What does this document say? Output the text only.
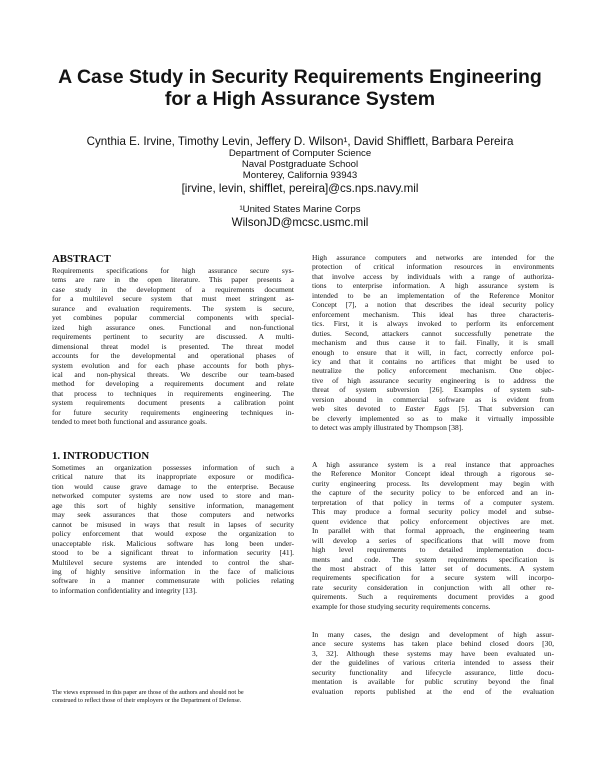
A Case Study in Security Requirements Engineering
for a High Assurance System
Cynthia E. Irvine, Timothy Levin, Jeffery D. Wilson¹, David Shifflett, Barbara Pereira
Department of Computer Science
Naval Postgraduate School
Monterey, California 93943
[irvine, levin, shifflet, pereira]@cs.nps.navy.mil
¹United States Marine Corps
WilsonJD@mcsc.usmc.mil
ABSTRACT
Requirements specifications for high assurance secure sys-
tems are rare in the open literature. This paper presents a
case study in the development of a requirements document
for a multilevel secure system that must meet stringent as-
surance and evaluation requirements. The system is secure,
yet combines popular commercial components with special-
ized high assurance ones. Functional and non-functional
requirements pertinent to security are discussed. A multi-
dimensional threat model is presented. The threat model
accounts for the developmental and operational phases of
system evolution and for each phase accounts for both phys-
ical and non-physical threats. We describe our team-based
method for developing a requirements document and relate
that process to techniques in requirements engineering. The
system requirements document presents a calibration point
for future security requirements engineering techniques in-
tended to meet both functional and assurance goals.
1. INTRODUCTION
Sometimes an organization possesses information of such a
critical nature that its inappropriate exposure or modifica-
tion would cause grave damage to the enterprise. Because
networked computer systems are now used to store and man-
age this sort of highly sensitive information, management
may seek assurances that those computers and networks
cannot be misused in ways that result in lapses of security
policy enforcement that would expose the organization to
unacceptable risk. Malicious software has long been under-
stood to be a significant threat to information security [41].
Multilevel secure systems are intended to control the shar-
ing of highly sensitive information in the face of malicious
software in a manner commensurate with policies relating
to information confidentiality and integrity [13].
The views expressed in this paper are those of the authors and should not be
construed to reflect those of their employers or the Department of Defense.
High assurance computers and networks are intended for the
protection of critical information resources in environments
that involve access by individuals with a range of authoriza-
tions to enterprise information. A high assurance system is
intended to be an implementation of the Reference Monitor
Concept [7], a notion that describes the ideal security policy
enforcement mechanism. This ideal has three characteris-
tics. First, it is always invoked to perform its enforcement
duties. Second, attackers cannot successfully penetrate the
mechanism and thus cause it to fail. Finally, it is small
enough to ensure that it will, in fact, correctly enforce pol-
icy and that it contains no artifices that might be used to
neutralize the policy enforcement mechanism. One objec-
tive of high assurance security engineering is to address the
threat of system subversion [26]. Examples of system sub-
version abound in commercial software as is evident from
web sites devoted to Easter Eggs [5]. That subversion can
be cleverly implemented so as to make it virtually impossible
to detect was amply illustrated by Thompson [38].
A high assurance system is a real instance that approaches
the Reference Monitor Concept ideal through a rigorous se-
curity engineering process. Its development may begin with
the capture of the security policy to be enforced and an in-
terpretation of that policy in terms of a computer system.
This may produce a formal security policy model and subse-
quent evidence that policy enforcement objectives are met.
In parallel with that formal approach, the engineering team
will develop a series of specifications that will move from
high level requirements to detailed implementation docu-
ments and code. The system requirements specification is
the most abstract of this latter set of documents. A system
requirements specification for a secure system will incorpo-
rate security consideration in conjunction with all other re-
quirements. Such a requirements document provides a good
example for those studying security requirements concerns.
In many cases, the design and development of high assur-
ance secure systems has taken place behind closed doors [30,
3, 32]. Although these systems may have been evaluated un-
der the guidelines of various criteria intended to assess their
security functionality and lifecycle assurance, little docu-
mentation is available for public scrutiny beyond the final
evaluation reports published at the end of the evaluation
